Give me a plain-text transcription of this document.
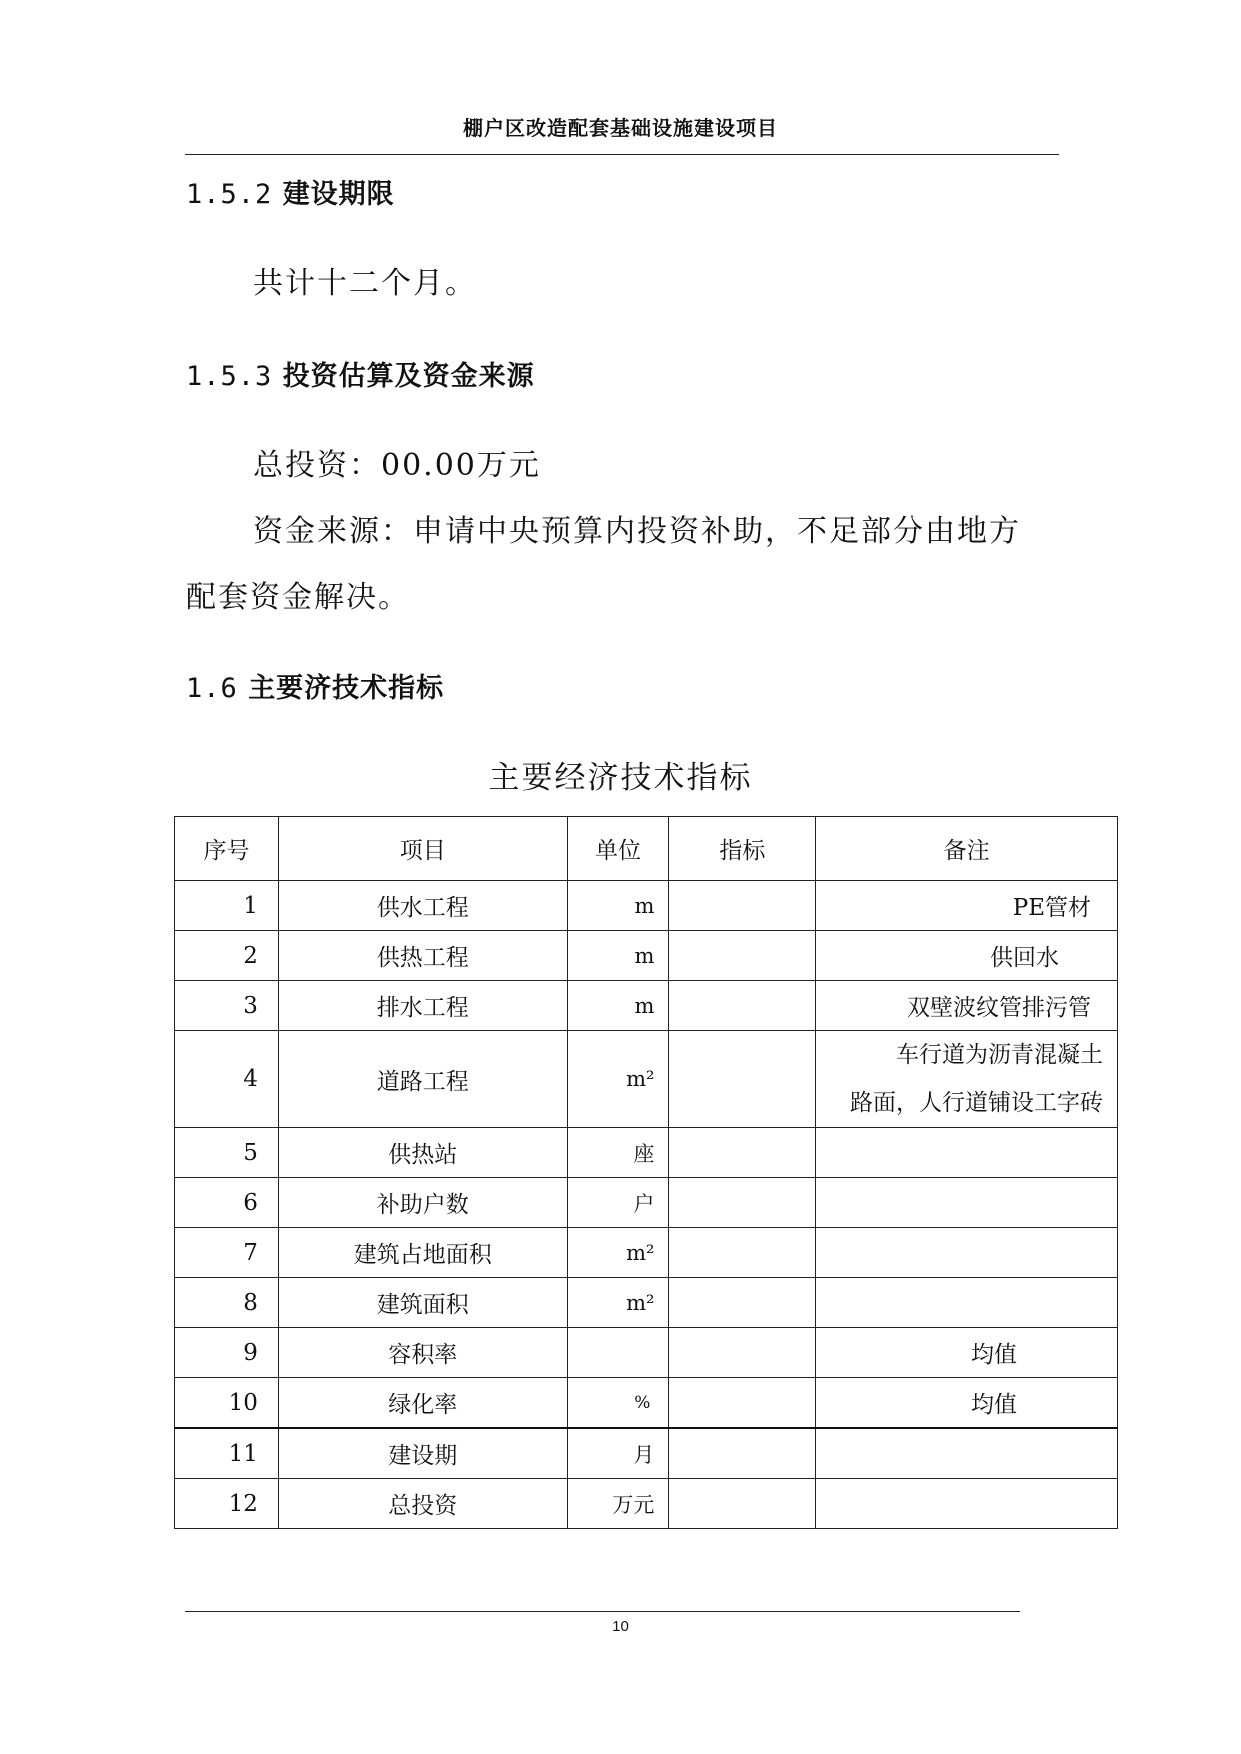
棚户区改造配套基础设施建设项目
1.5.2 建设期限
共计十二个月。
1.5.3 投资估算及资金来源
总投资：00.00万元
资金来源：申请中央预算内投资补助，不足部分由地方
配套资金解决。
1.6 主要济技术指标
主要经济技术指标
序号	项目	单位	指标	备注
1	供水工程	m		PE管材
2	供热工程	m		供回水
3	排水工程	m		双壁波纹管排污管
4	道路工程	m²		车行道为沥青混凝土
路面，人行道铺设工字砖

5	供热站	座		
6	补助户数	户		
7	建筑占地面积	m²		
8	建筑面积	m²		
9	容积率			均值
10	绿化率	%		均值
11	建设期	月		
12	总投资	万元		
10
